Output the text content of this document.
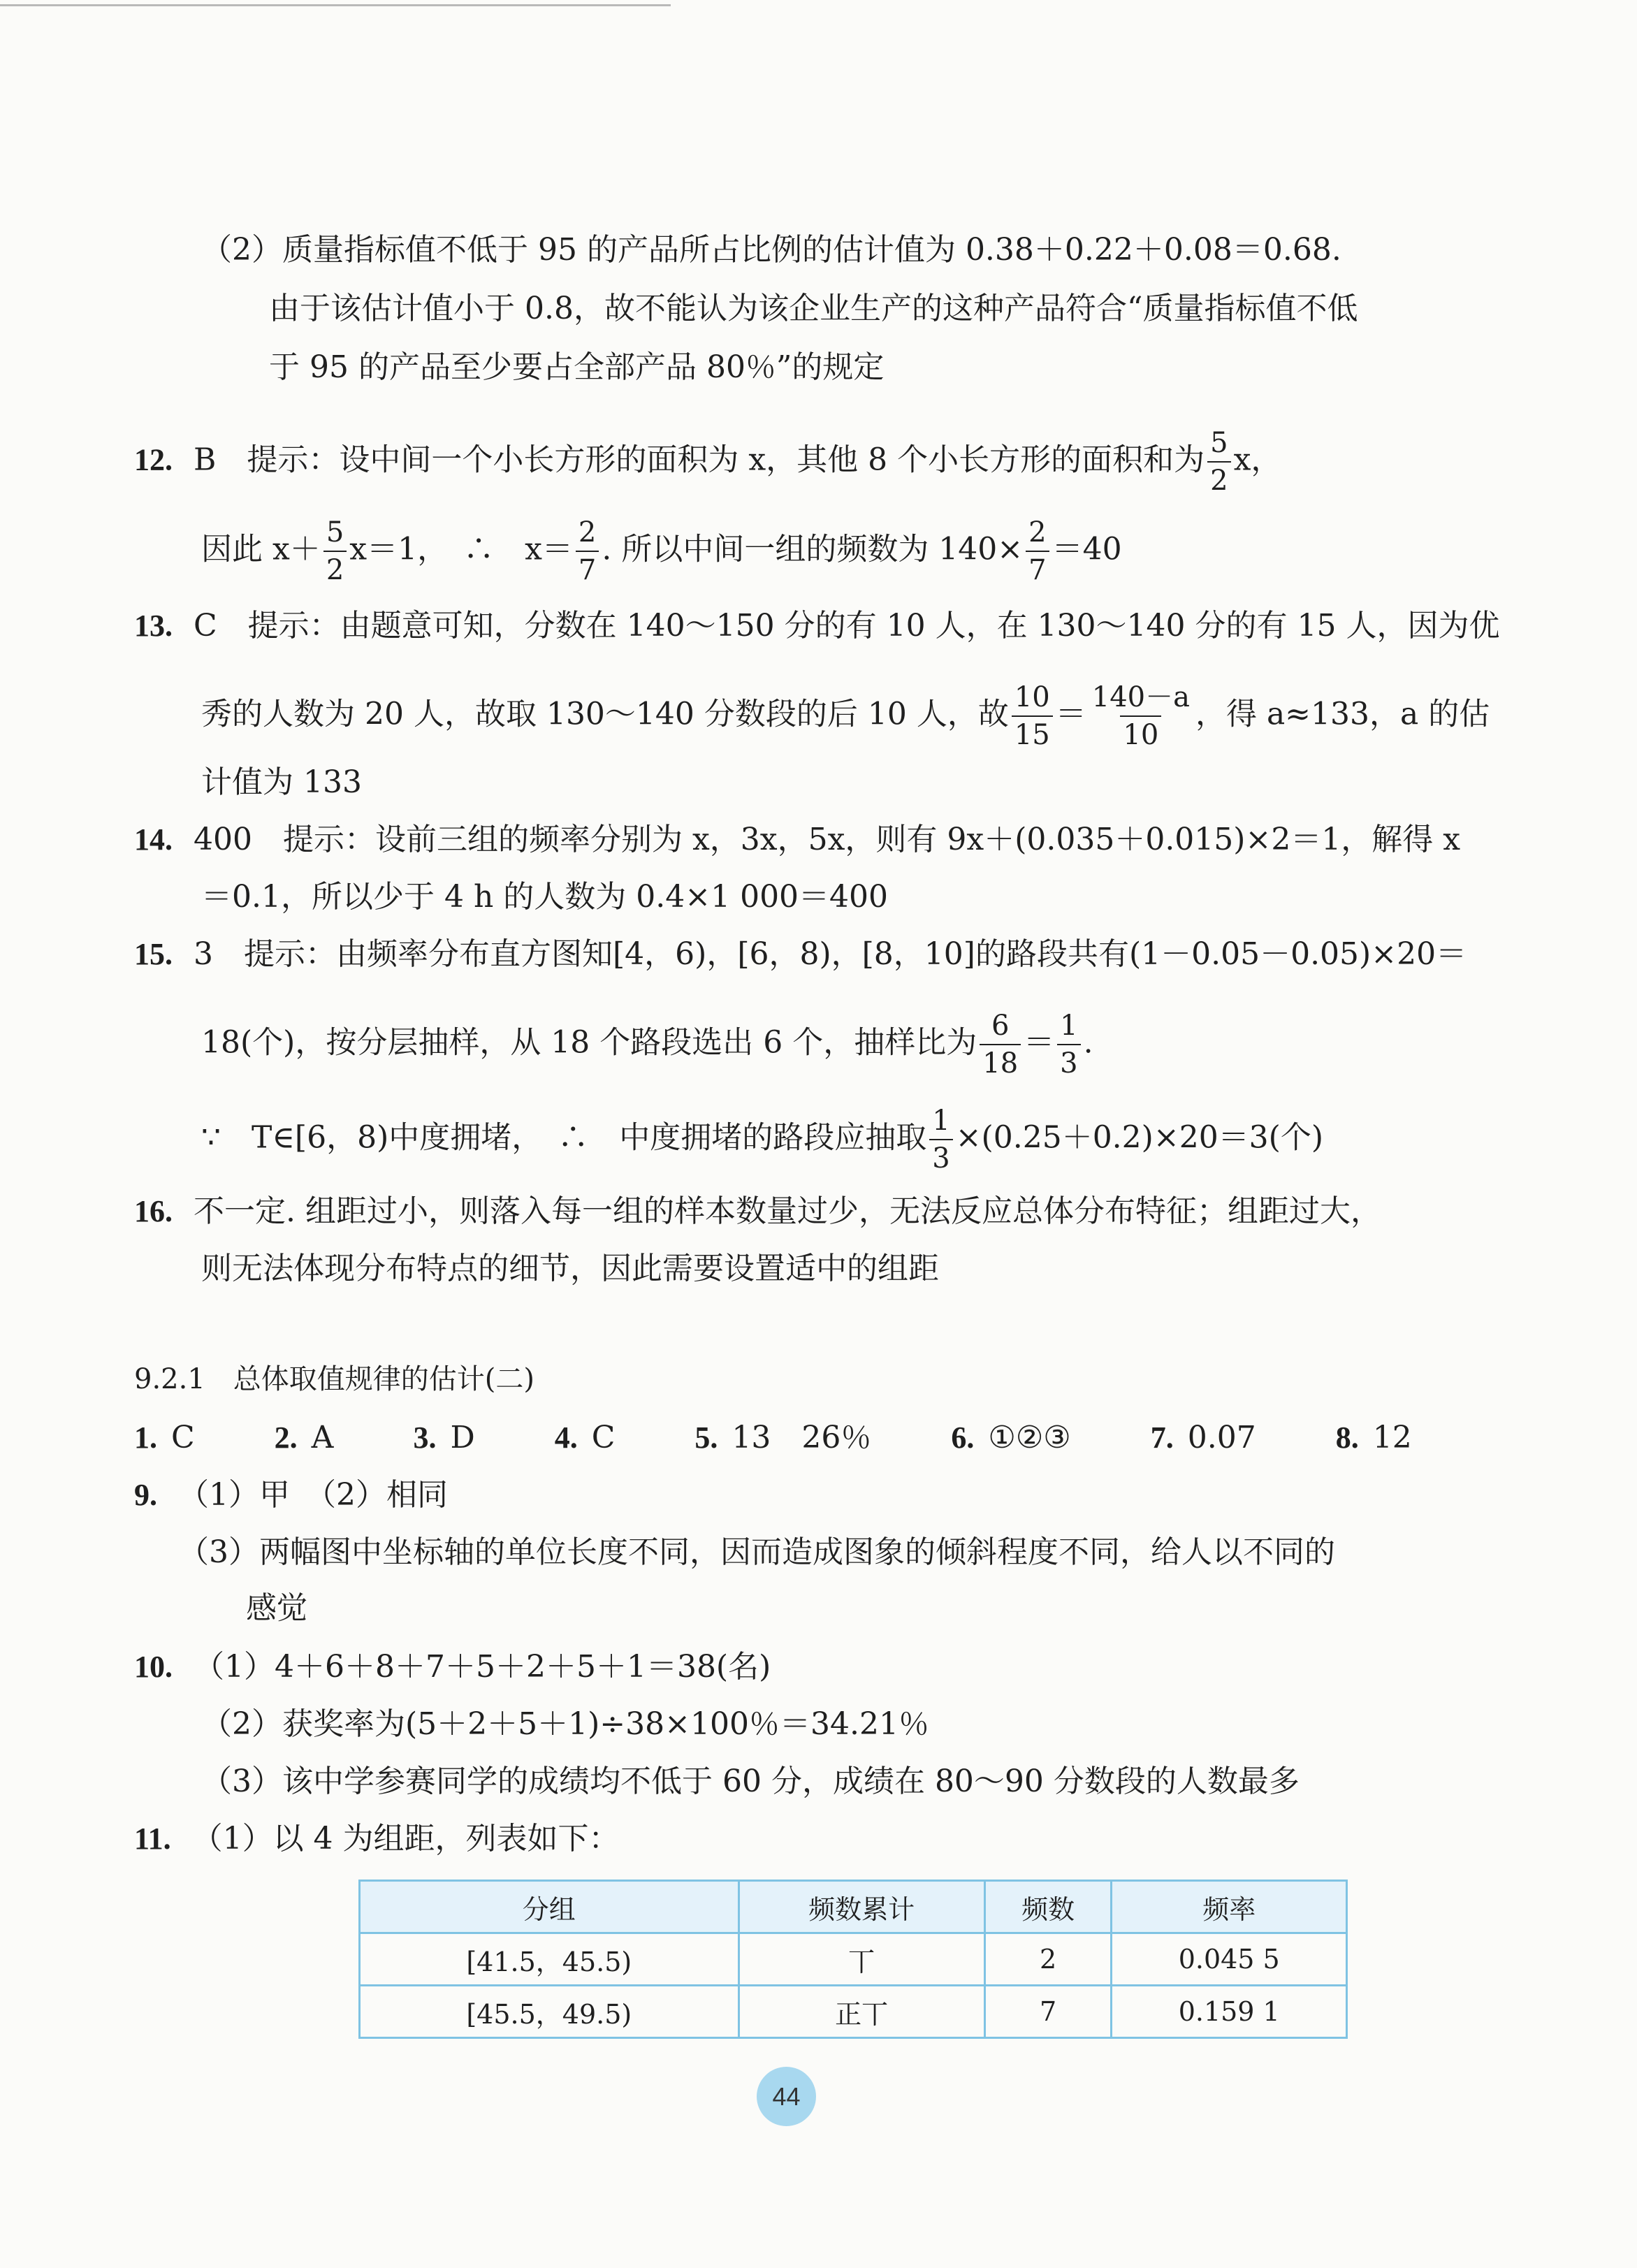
（2）质量指标值不低于 95 的产品所占比例的估计值为 0.38＋0.22＋0.08＝0.68.
由于该估计值小于 0.8，故不能认为该企业生产的这种产品符合“质量指标值不低
于 95 的产品至少要占全部产品 80％”的规定
12. B　提示：设中间一个小长方形的面积为 x，其他 8 个小长方形的面积和为 $\frac{5}{2}$ x，
因此 $x+ \frac{5}{2} x=1$，　∴　$x= \frac{2}{7}$ . 所以中间一组的频数为 $140\times \frac{2}{7} =40$
13. C　提示：由题意可知，分数在 140～150 分的有 10 人，在 130～140 分的有 15 人，因为优
秀的人数为 20 人，故取 130～140 分数段的后 10 人，故 $\frac{10}{15} = \frac{140-a}{10}$ ，得 a≈133，a 的估
计值为 133
14. 400　提示：设前三组的频率分别为 x，3x，5x，则有 9x＋(0.035＋0.015)×2＝1，解得 x
＝0.1，所以少于 4 h 的人数为 0.4×1 000＝400
15. 3　提示：由频率分布直方图知[4，6)，[6，8)，[8，10]的路段共有(1－0.05－0.05)×20＝
18(个)，按分层抽样，从 18 个路段选出 6 个，抽样比为 $\frac{6}{18} = \frac{1}{3}$ .
∵　T∈[6，8)中度拥堵，　∴　中度拥堵的路段应抽取 $\frac{1}{3} \times(0.25+0.2)\times 20=3$(个)
16. 不一定. 组距过小，则落入每一组的样本数量过少，无法反应总体分布特征；组距过大，
则无法体现分布特点的细节，因此需要设置适中的组距
9.2.1　总体取值规律的估计(二)
1. C	2. A	3. D	4. C	5. 13　26％	6. ①②③	7. 0.07	8. 12
9. （1）甲　（2）相同
（3）两幅图中坐标轴的单位长度不同，因而造成图象的倾斜程度不同，给人以不同的
感觉
10. （1）4＋6＋8＋7＋5＋2＋5＋1＝38(名)
（2）获奖率为(5＋2＋5＋1)÷38×100％＝34.21％
（3）该中学参赛同学的成绩均不低于 60 分，成绩在 80～90 分数段的人数最多
11. （1）以 4 为组距，列表如下：
分组	频数累计	频数	频率
[41.5，45.5)	丅	2	0.045 5
[45.5，49.5)	正丅	7	0.159 1
44
